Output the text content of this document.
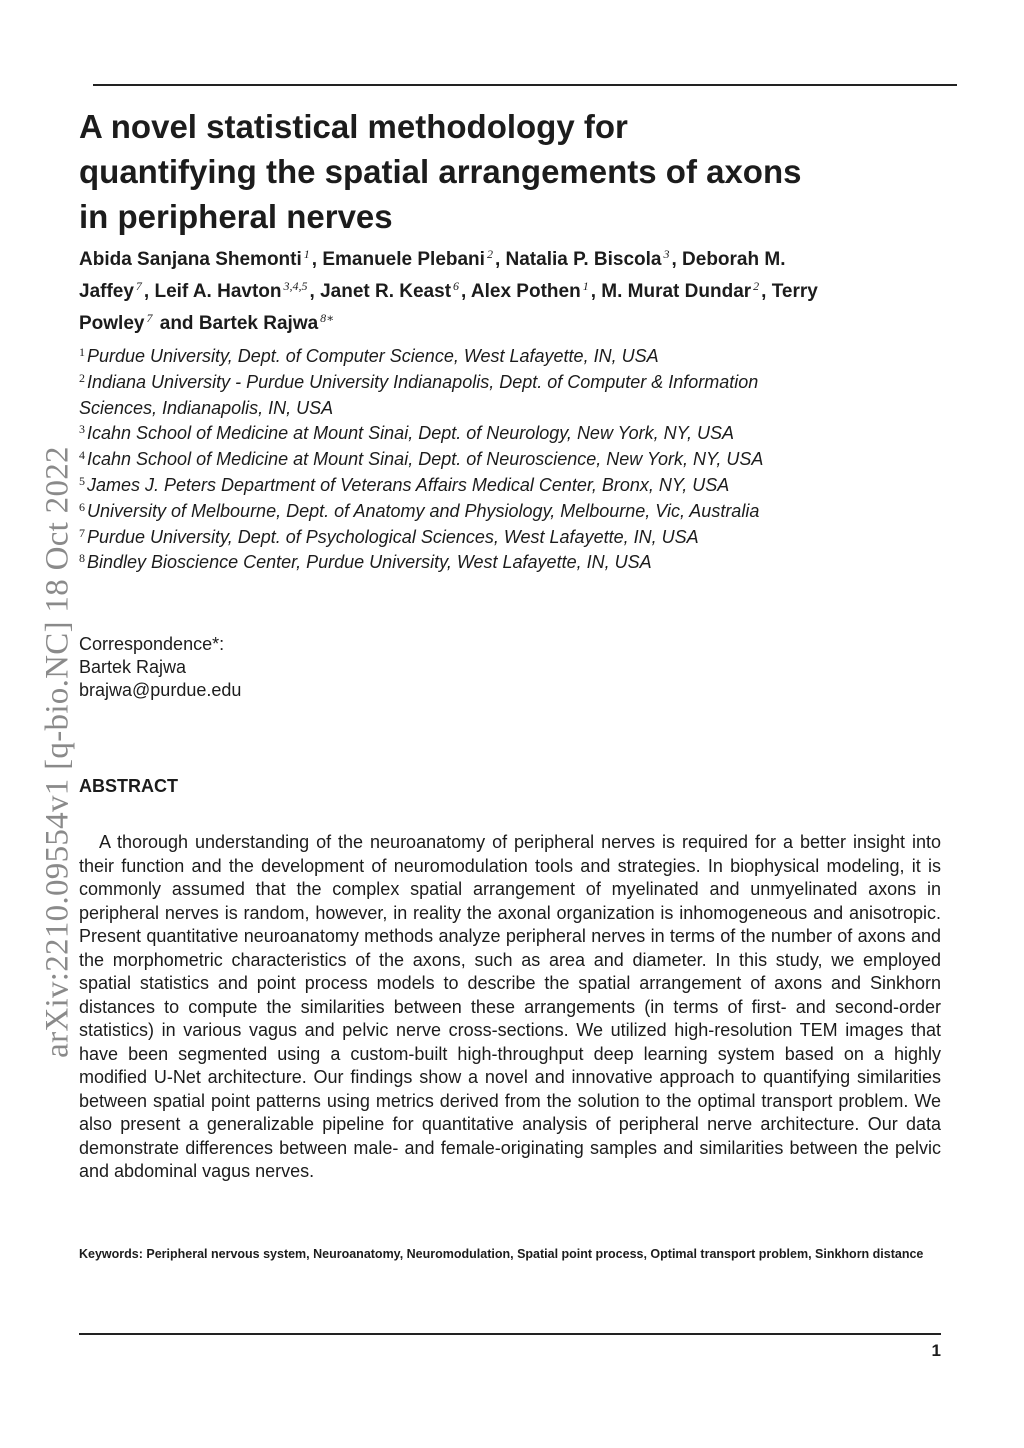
arXiv:2210.09554v1 [q-bio.NC] 18 Oct 2022
A novel statistical methodology for
quantifying the spatial arrangements of axons
in peripheral nerves
Abida Sanjana Shemonti $^1$ , Emanuele Plebani $^2$ , Natalia P. Biscola $^3$ , Deborah M. Jaffey $^7$ , Leif A. Havton $^{3,4,5}$ , Janet R. Keast $^6$ , Alex Pothen $^1$ , M. Murat Dundar $^2$ , Terry Powley $^7$ and Bartek Rajwa $^{8∗}$
$^1$ Purdue University, Dept. of Computer Science, West Lafayette, IN, USA
$^2$ Indiana University - Purdue University Indianapolis, Dept. of Computer & Information Sciences, Indianapolis, IN, USA
$^3$ Icahn School of Medicine at Mount Sinai, Dept. of Neurology, New York, NY, USA
$^4$ Icahn School of Medicine at Mount Sinai, Dept. of Neuroscience, New York, NY, USA
$^5$ James J. Peters Department of Veterans Affairs Medical Center, Bronx, NY, USA
$^6$ University of Melbourne, Dept. of Anatomy and Physiology, Melbourne, Vic, Australia
$^7$ Purdue University, Dept. of Psychological Sciences, West Lafayette, IN, USA
$^8$ Bindley Bioscience Center, Purdue University, West Lafayette, IN, USA
Correspondence*:
Bartek Rajwa
brajwa@purdue.edu
ABSTRACT

A thorough understanding of the neuroanatomy of peripheral nerves is required for a better insight into their function and the development of neuromodulation tools and strategies. In biophysical modeling, it is commonly assumed that the complex spatial arrangement of myelinated and unmyelinated axons in peripheral nerves is random, however, in reality the axonal organization is inhomogeneous and anisotropic. Present quantitative neuroanatomy methods analyze peripheral nerves in terms of the number of axons and the morphometric characteristics of the axons, such as area and diameter. In this study, we employed spatial statistics and point process models to describe the spatial arrangement of axons and Sinkhorn distances to compute the similarities between these arrangements (in terms of first- and second-order statistics) in various vagus and pelvic nerve cross-sections. We utilized high-resolution TEM images that have been segmented using a custom-built high-throughput deep learning system based on a highly modified U-Net architecture. Our findings show a novel and innovative approach to quantifying similarities between spatial point patterns using metrics derived from the solution to the optimal transport problem. We also present a generalizable pipeline for quantitative analysis of peripheral nerve architecture. Our data demonstrate differences between male- and female-originating samples and similarities between the pelvic and abdominal vagus nerves.

Keywords: Peripheral nervous system, Neuroanatomy, Neuromodulation, Spatial point process, Optimal transport problem, Sinkhorn distance

1
